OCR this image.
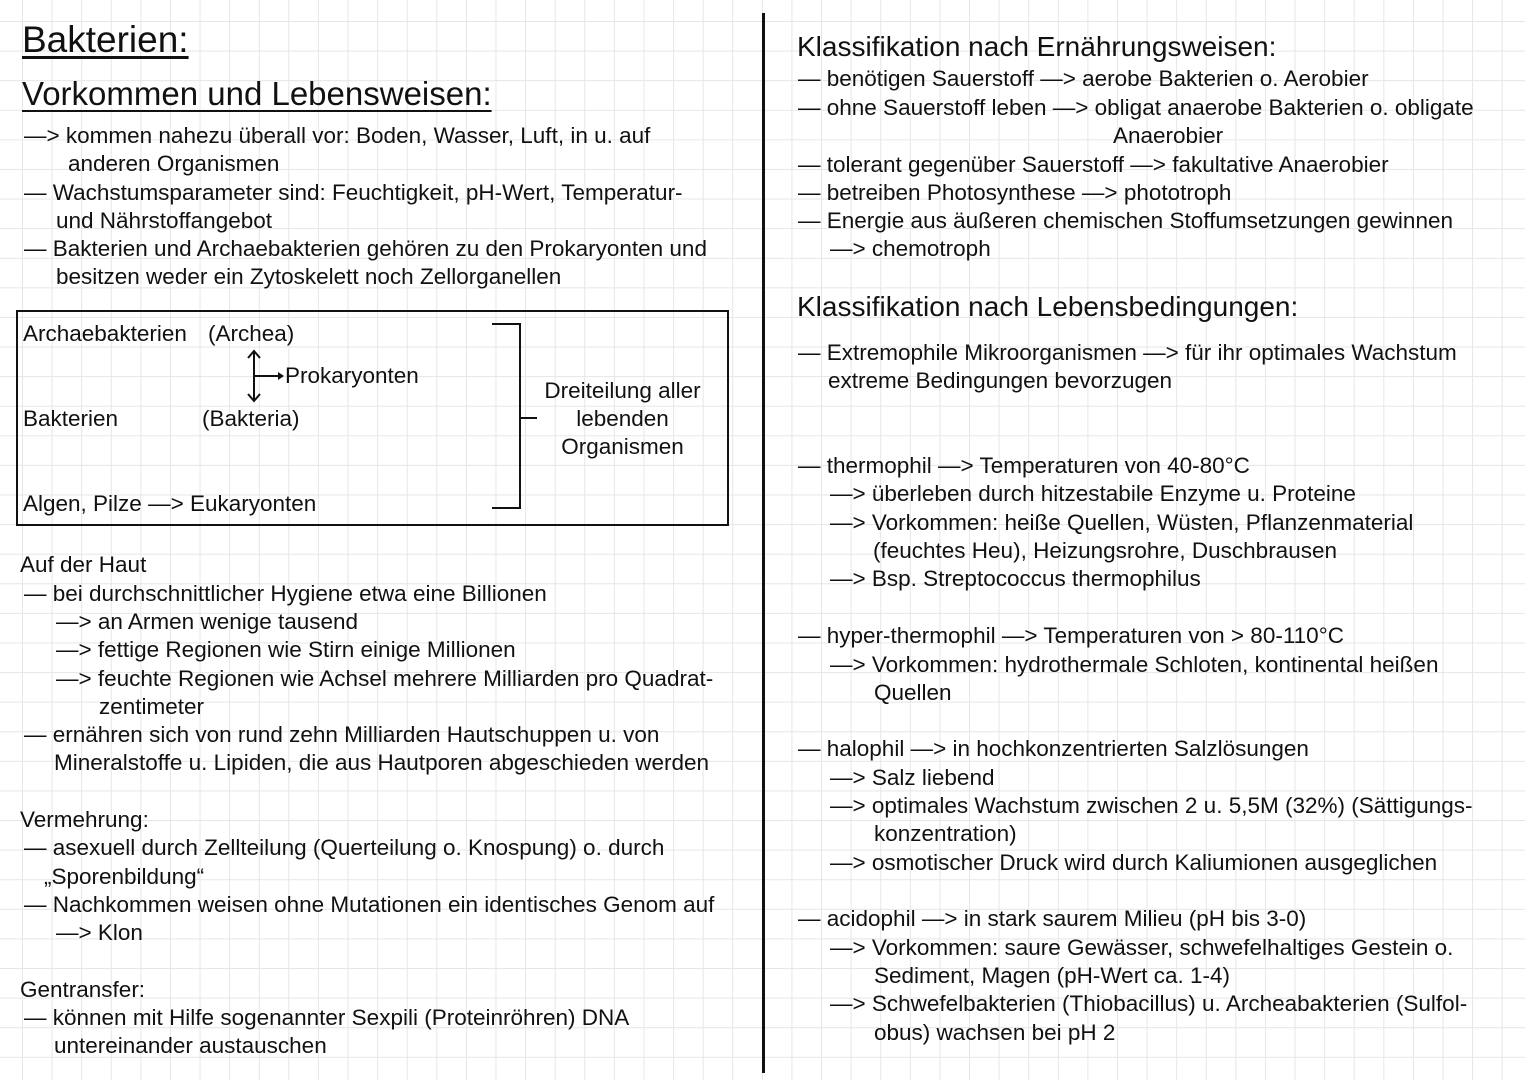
Bakterien:
Vorkommen und Lebensweisen:
—> kommen nahezu überall vor: Boden, Wasser, Luft, in u. auf
anderen Organismen
— Wachstumsparameter sind: Feuchtigkeit, pH-Wert, Temperatur-
und Nährstoffangebot
— Bakterien und Archaebakterien gehören zu den Prokaryonten und
besitzen weder ein Zytoskelett noch Zellorganellen
Archaebakterien (Archea)
Prokaryonten
Bakterien	(Bakteria)
Algen, Pilze —> Eukaryonten
Dreiteilung aller
lebenden
Organismen
Auf der Haut
— bei durchschnittlicher Hygiene etwa eine Billionen
—> an Armen wenige tausend
—> fettige Regionen wie Stirn einige Millionen
—> feuchte Regionen wie Achsel mehrere Milliarden pro Quadrat-
zentimeter
— ernähren sich von rund zehn Milliarden Hautschuppen u. von
Mineralstoffe u. Lipiden, die aus Hautporen abgeschieden werden
Vermehrung:
— asexuell durch Zellteilung (Querteilung o. Knospung) o. durch
„Sporenbildung“
— Nachkommen weisen ohne Mutationen ein identisches Genom auf
—> Klon
Gentransfer:
— können mit Hilfe sogenannter Sexpili (Proteinröhren) DNA
untereinander austauschen
Klassifikation nach Ernährungsweisen:
— benötigen Sauerstoff —> aerobe Bakterien o. Aerobier
— ohne Sauerstoff leben —> obligat anaerobe Bakterien o. obligate
Anaerobier
— tolerant gegenüber Sauerstoff —> fakultative Anaerobier
— betreiben Photosynthese —> phototroph
— Energie aus äußeren chemischen Stoffumsetzungen gewinnen
—> chemotroph
Klassifikation nach Lebensbedingungen:
— Extremophile Mikroorganismen —> für ihr optimales Wachstum
extreme Bedingungen bevorzugen
— thermophil —> Temperaturen von 40-80°C
—> überleben durch hitzestabile Enzyme u. Proteine
—> Vorkommen: heiße Quellen, Wüsten, Pflanzenmaterial
(feuchtes Heu), Heizungsrohre, Duschbrausen
—> Bsp. Streptococcus thermophilus
— hyper-thermophil —> Temperaturen von > 80-110°C
—> Vorkommen: hydrothermale Schloten, kontinental heißen
Quellen
— halophil —> in hochkonzentrierten Salzlösungen
—> Salz liebend
—> optimales Wachstum zwischen 2 u. 5,5M (32%) (Sättigungs-
konzentration)
—> osmotischer Druck wird durch Kaliumionen ausgeglichen
— acidophil —> in stark saurem Milieu (pH bis 3-0)
—> Vorkommen: saure Gewässer, schwefelhaltiges Gestein o.
Sediment, Magen (pH-Wert ca. 1-4)
—> Schwefelbakterien (Thiobacillus) u. Archeabakterien (Sulfol-
obus) wachsen bei pH 2
